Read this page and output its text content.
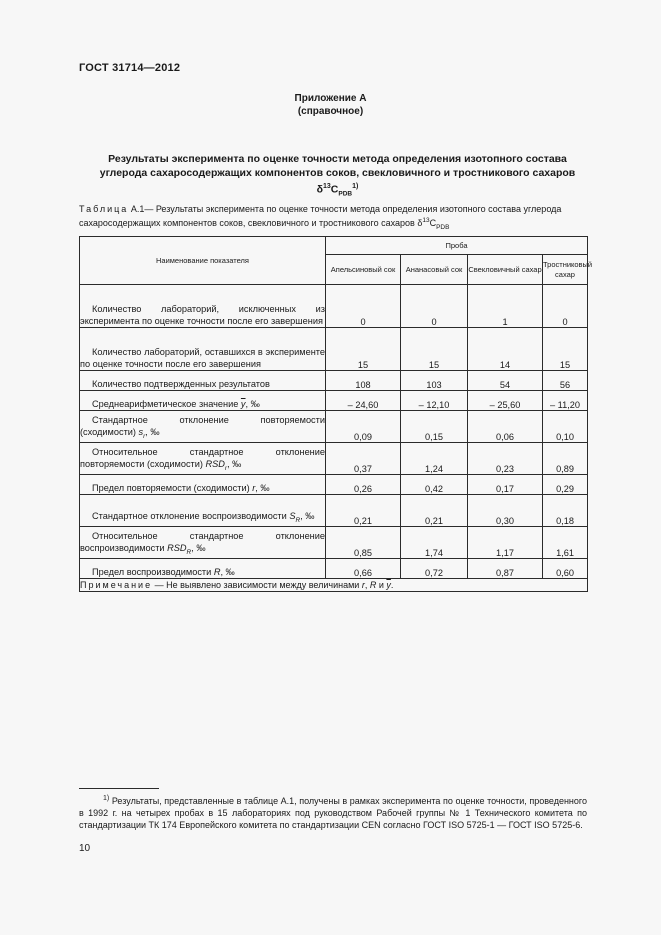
ГОСТ 31714—2012
Приложение А
(справочное)
Результаты эксперимента по оценке точности метода определения изотопного состава
углерода сахаросодержащих компонентов соков, свекловичного и тростникового сахаров
$\delta^{13}C_{PDB}^{1)}$
Таблица А.1— Результаты эксперимента по оценке точности метода определения изотопного состава углерода сахаросодержащих компонентов соков, свекловичного и тростникового сахаров $\delta^{13}C_{PDB}$
Наименование показателя	Проба			
	Апельсиновый сок	Ананасовый сок	Свекловичный сахар	Тростниковый сахар
Количество лабораторий, исключенных из эксперимента по оценке точности после его завершения	0	0	1	0
Количество лабораторий, оставшихся в эксперименте по оценке точности после его завершения	15	15	14	15
Количество подтвержденных результатов	108	103	54	56
Среднеарифметическое значение $\overline{y}$, ‰	– 24,60	– 12,10	– 25,60	– 11,20
Стандартное отклонение повторяемости (сходимости) $s_r$, ‰	0,09	0,15	0,06	0,10
Относительное стандартное отклонение повторяемости (сходимости) $RSD_r$, ‰	0,37	1,24	0,23	0,89
Предел повторяемости (сходимости) r, ‰	0,26	0,42	0,17	0,29
Стандартное отклонение воспроизводимости $S_R$, ‰	0,21	0,21	0,30	0,18
Относительное стандартное отклонение воспроизводимости $RSD_R$, ‰	0,85	1,74	1,17	1,61
Предел воспроизводимости R, ‰	0,66	0,72	0,87	0,60
Примечание — Не выявлено зависимости между величинами r, R и $\overline{y}$.				
$^{1)}$ Результаты, представленные в таблице А.1, получены в рамках эксперимента по оценке точности, проведенного в 1992 г. на четырех пробах в 15 лабораториях под руководством Рабочей группы № 1 Технического комитета по стандартизации ТК 174 Европейского комитета по стандартизации CEN согласно ГОСТ ISO 5725-1 — ГОСТ ISO 5725-6.
10
